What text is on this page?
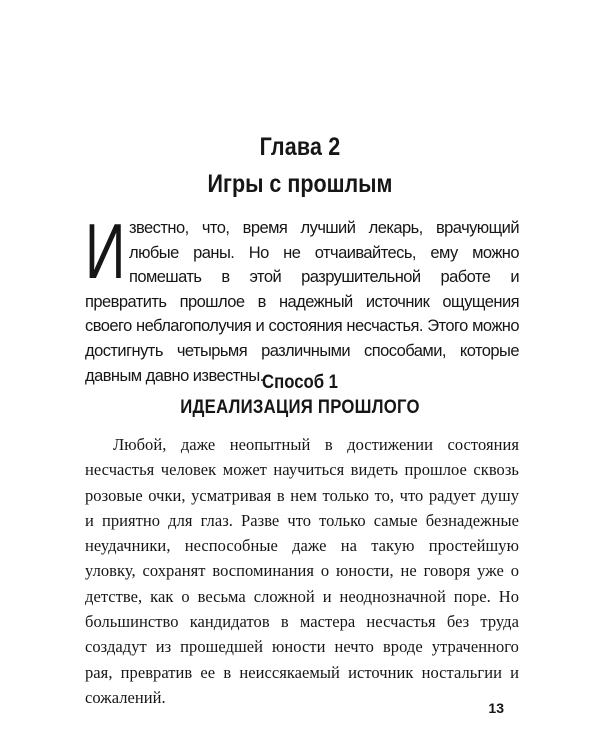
Глава 2
Игры с прошлым
И звестно, что, время лучший лекарь, врачующий любые раны. Но не отчаивайтесь, ему можно помешать в этой разрушительной работе и превратить прошлое в надежный источник ощущения своего неблагополучия и состояния несчастья. Этого можно достигнуть четырьмя различными способами, которые давным давно известны.
Способ 1
ИДЕАЛИЗАЦИЯ ПРОШЛОГО
Любой, даже неопытный в достижении состояния несчастья человек может научиться видеть прошлое сквозь розовые очки, усматривая в нем только то, что радует душу и приятно для глаз. Разве что только самые безнадежные неудачники, неспособные даже на такую простейшую уловку, сохранят воспоминания о юности, не говоря уже о детстве, как о весьма сложной и неоднозначной поре. Но большинство кандидатов в мастера несчастья без труда создадут из прошедшей юности нечто вроде утраченного рая, превратив ее в неиссякаемый источник ностальгии и сожалений.
13
